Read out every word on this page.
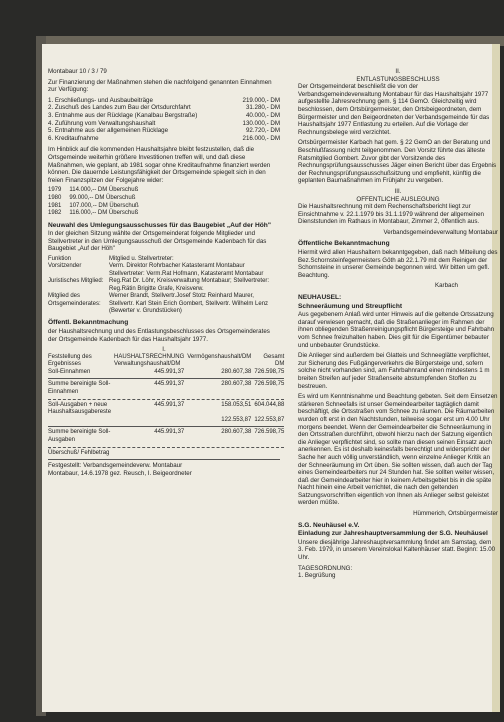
Montabaur 10 / 3 / 79
Zur Finanzierung der Maßnahmen stehen die nachfolgend genannten Einnahmen zur Verfügung:
1. Erschließungs- und Ausbaubeiträge	219.000,- DM
2. Zuschuß des Landes zum Bau der Ortsdurchfahrt	31.280,- DM
3. Entnahme aus der Rücklage (Kanalbau Bergstraße)	40.000,- DM
4. Zuführung vom Verwaltungshaushalt	130.000,- DM
5. Entnahme aus der allgemeinen Rücklage	92.720,- DM
6. Kreditaufnahme	216.000,- DM
Im Hinblick auf die kommenden Haushaltsjahre bleibt festzustellen, daß die Ortsgemeinde weiterhin größere Investitionen treffen will, und daß diese Maßnahmen, wie geplant, ab 1981 sogar ohne Kreditaufnahme finanziert werden können. Die dauernde Leistungsfähigkeit der Ortsgemeinde spiegelt sich in den freien Finanzspitzen der Folgejahre wider:
1979	114.000,-- DM Überschuß
1980	99.000,-- DM Überschuß
1981	107.000,-- DM Überschuß
1982	116.000,-- DM Überschuß
Neuwahl des Umlegungsausschusses für das Baugebiet „Auf der Höh"
In der gleichen Sitzung wählte der Ortsgemeinderat folgende Mitglieder und Stellvertreter in den Umlegungsausschuß der Ortsgemeinde Kadenbach für das Baugebiet „Auf der Höh"
Funktion	Mitglied u. Stellvertreter:
Vorsitzender	Verm. Direktor Rohrbacher Katasteramt Montabaur Stellvertreter: Verm.Rat Hofmann, Katasteramt Montabaur
Juristisches Mitglied:	Reg.Rat Dr. Löhr, Kreisverwaltung Montabaur; Stellvertreter: Reg.Rätin Brigitte Grafe, Kreisverw.
Mitglied des Ortsgemeinderates:	Werner Brandt, Stellvertr.Josef Stotz Reinhard Maurer, Stellvertr. Karl Stein Erich Gombert, Stellvertr. Wilhelm Lenz (Bewerter v. Grundstücken)
Öffentl. Bekanntmachung
der Haushaltsrechnung und des Entlastungsbeschlusses des Ortsgemeinderates der Ortsgemeinde Kadenbach für das Haushaltsjahr 1977.
I.
Feststellung des Ergebnisses	HAUSHALTSRECHNUNG Verwaltungshaushalt/DM	Vermögenshaushalt/DM	Gesamt DM
Soll-Einnahmen	445.991,37	280.607,38	726.598,75

Summe bereinigte Soll-Einnahmen	445.991,37	280.607,38	726.598,75

Soll-Ausgaben + neue Haushaltsausgabereste	445.991,37	158.053,51	604.044,88
		122.553,87	122.553,87

Summe bereinigte Soll-Ausgaben	445.991,37	280.607,38	726.598,75

Überschuß/ Fehlbetrag			
Festgestellt: Verbandsgemeindeverw. Montabaur
Montabaur, 14.6.1978 gez. Reusch, I. Beigeordneter
II.
ENTLASTUNGSBESCHLUSS
Der Ortsgemeinderat beschließt die von der Verbandsgemeindeverwaltung Montabaur für das Haushaltsjahr 1977 aufgestellte Jahresrechnung gem. § 114 GemO. Gleichzeitig wird beschlossen, dem Ortsbürgermeister, den Ortsbeigeordneten, dem Bürgermeister und den Beigeordneten der Verbandsgemeinde für das Haushaltsjahr 1977 Entlastung zu erteilen. Auf die Vorlage der Rechnungsbelege wird verzichtet.
Ortsbürgermeister Karbach hat gem. § 22 GemO an der Beratung und Beschlußfassung nicht teilgenommen. Den Vorsitz führte das älteste Ratsmitglied Gombert. Zuvor gibt der Vorsitzende des Rechnungsprüfungsausschusses Jäger einen Bericht über das Ergebnis der Rechnungsprüfungsausschußsitzung und empfiehlt, künftig die geplanten Baumaßnahmen im Frühjahr zu vergeben.
III.
OFFENTLICHE AUSLEGUNG
Die Haushaltsrechnung mit dem Rechenschaftsbericht liegt zur Einsichtnahme v. 22.1.1979 bis 31.1.1979 während der allgemeinen Dienststunden im Rathaus in Montabaur, Zimmer 2, öffentlich aus.
Verbandsgemeindeverwaltung Montabaur
Öffentliche Bekanntmachung
Hiermit wird allen Haushaltern bekanntgegeben, daß nach Mitteilung des Bez.Schornsteinfegermeisters Göth ab 22.1.79 mit dem Reinigen der Schornsteine in unserer Gemeinde begonnen wird. Wir bitten um gefl. Beachtung.
Karbach
NEUHAUSEL:
Schneeräumung und Streupflicht
Aus gegebenem Anlaß wird unter Hinweis auf die geltende Ortssatzung darauf verwiesen gemacht, daß die Straßenanlieger im Rahmen der ihnen obliegenden Straßenreinigungspflicht Bürgersteige und Fahrbahn vom Schnee freizuhalten haben. Dies gilt für die Eigentümer bebauter und unbebauter Grundstücke.
Die Anlieger sind außerdem bei Glatteis und Schneeglätte verpflichtet, zur Sicherung des Fußgängerverkehrs die Bürgersteige und, sofern solche nicht vorhanden sind, am Fahrbahnrand einen mindestens 1 m breiten Streifen auf jeder Straßenseite abstumpfenden Stoffen zu bestreuen.
Es wird um Kenntnisnahme und Beachtung gebeten. Seit dem Einsetzen stärkeren Schneefalls ist unser Gemeindearbeiter tagtäglich damit beschäftigt, die Ortsstraßen vom Schnee zu räumen. Die Räumarbeiten wurden oft erst in den Nachtstunden, teilweise sogar erst um 4.00 Uhr morgens beendet. Wenn der Gemeindearbeiter die Schneeräumung in den Ortsstraßen durchführt, obwohl hierzu nach der Satzung eigentlich die Anlieger verpflichtet sind, so sollte man diesen seinen Einsatz auch anerkennen. Es ist deshalb keinesfalls berechtigt und widerspricht der Sache her auch völlig unverständlich, wenn einzelne Anlieger Kritik an der Schneeräumung im Ort üben. Sie sollten wissen, daß auch der Tag eines Gemeindearbeiters nur 24 Stunden hat. Sie sollten weiter wissen, daß der Gemeindearbeiter hier in keinem Arbeitsgebiet bis in die späte Nacht hinein eine Arbeit verrichtet, die nach den geltenden Satzungsvorschriften eigentlich von Ihnen als Anlieger selbst geleistet werden müßte.
Hümmerich, Ortsbürgermeister
S.G. Neuhäusel e.V.
Einladung zur Jahreshauptversammlung der S.G. Neuhäusel
Unsere diesjährige Jahreshauptversammlung findet am Samstag, dem 3. Feb. 1979, in unserem Vereinslokal Kaltenhäuser statt. Beginn: 15.00 Uhr.
TAGESORDNUNG:
1. Begrüßung
